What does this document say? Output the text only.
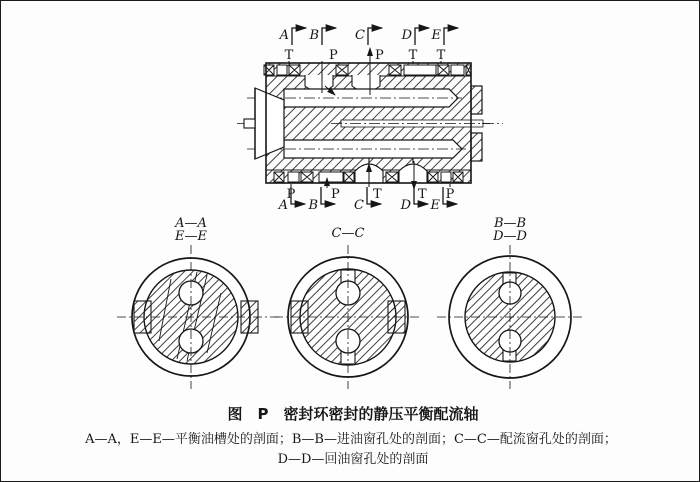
A B	C	D E
A B	C	D E
T	P	P T T
P	P	T	T P
A—A
E—E	C—C
B—B
D—D
图　P　密封环密封的静压平衡配流轴
A—A，E—E—平衡油槽处的剖面；B—B—进油窗孔处的剖面；C—C—配流窗孔处的剖面；
D—D—回油窗孔处的剖面
